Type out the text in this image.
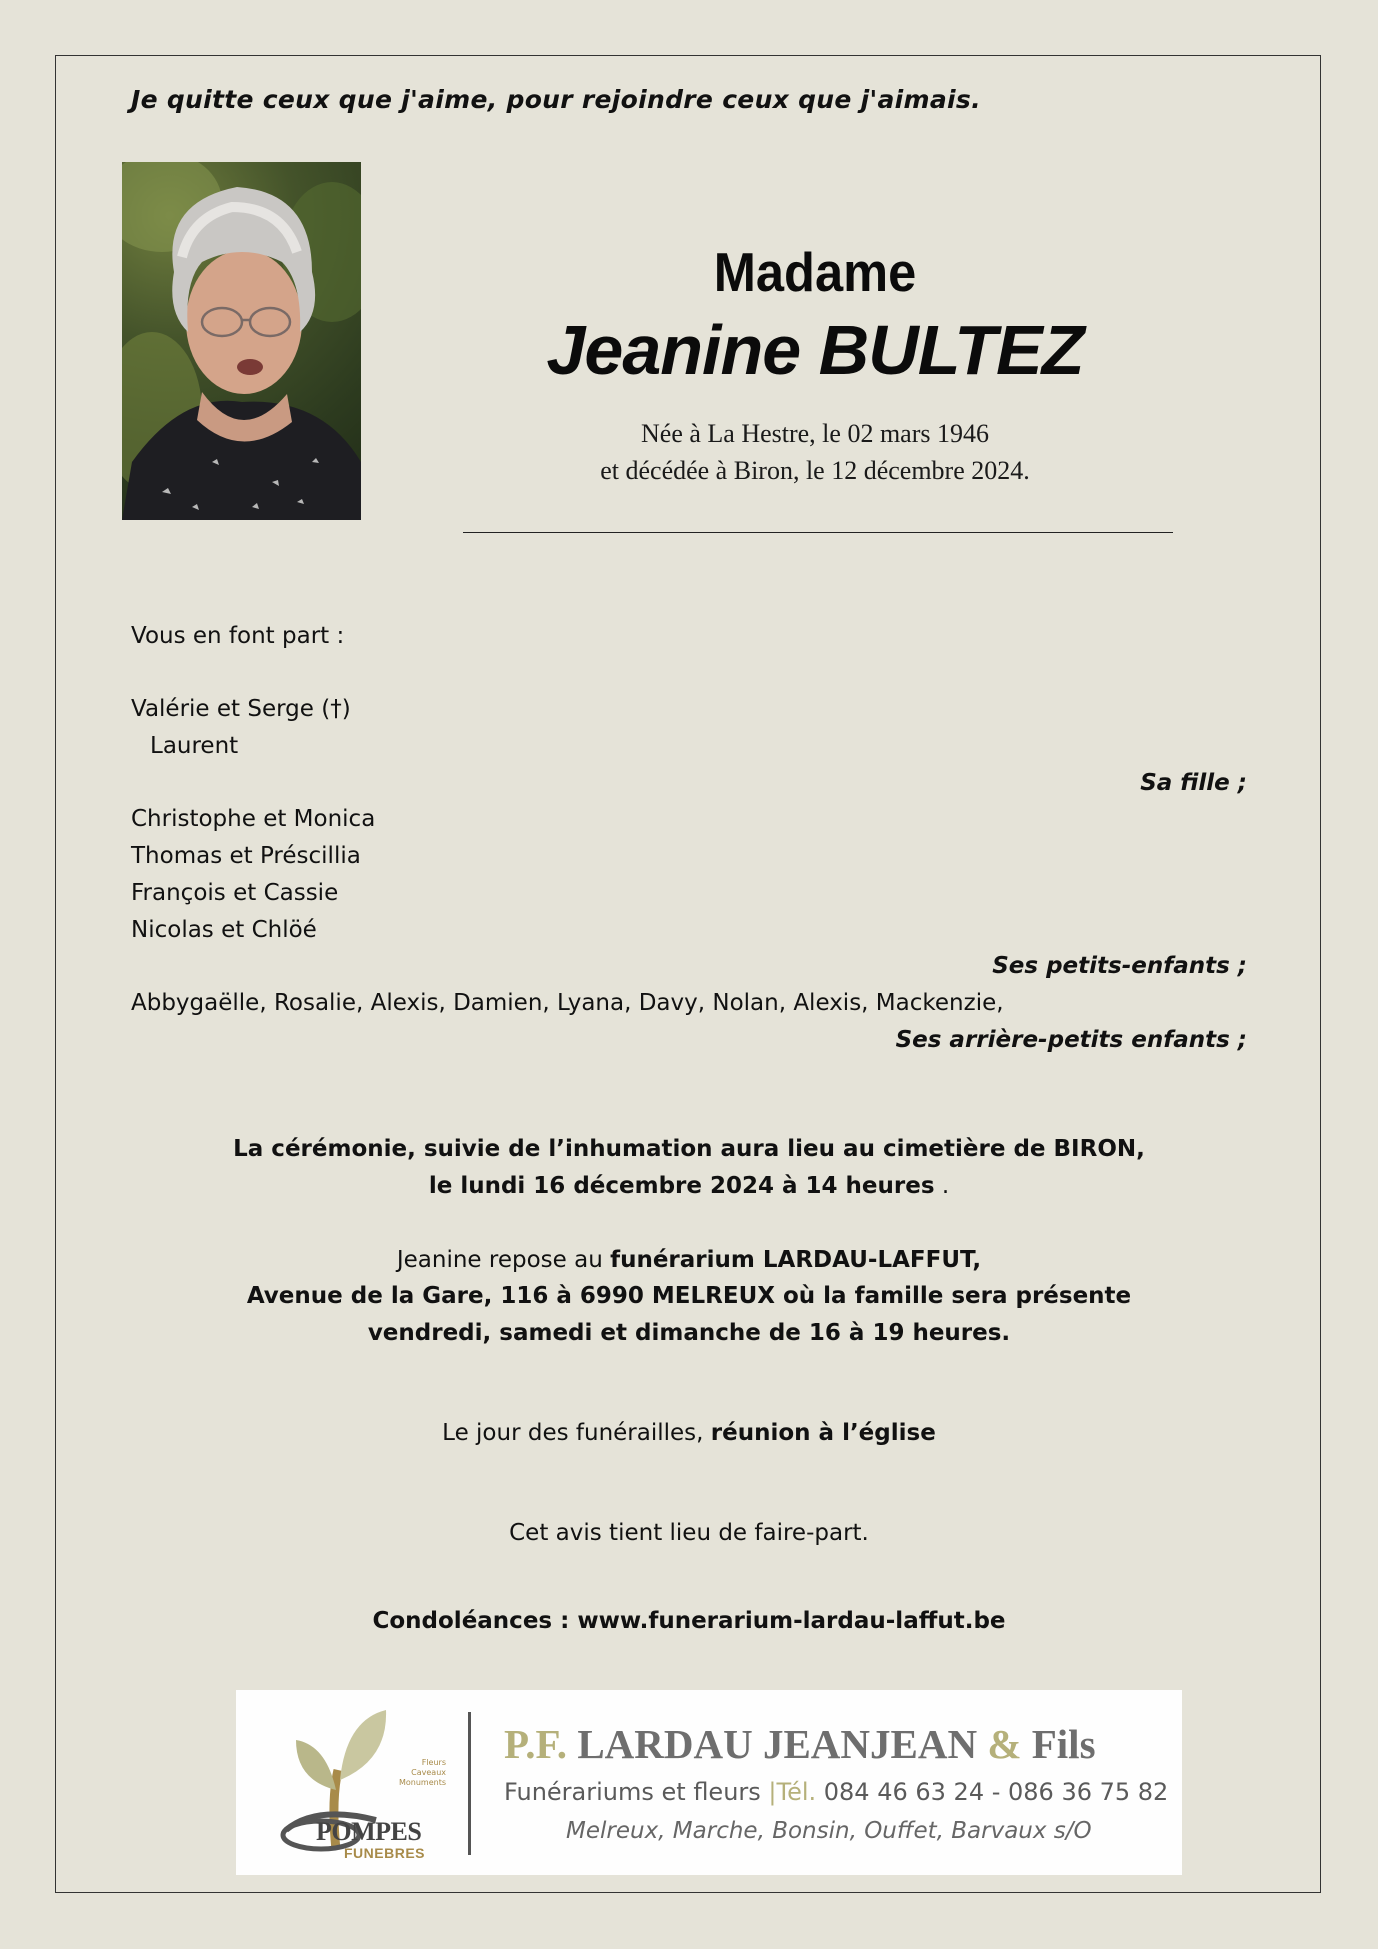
Je quitte ceux que j'aime, pour rejoindre ceux que j'aimais.
Madame
Jeanine BULTEZ
Née à La Hestre, le 02 mars 1946
et décédée à Biron, le 12 décembre 2024.
Vous en font part :
Valérie et Serge (†)
Laurent
Sa fille ;
Christophe et Monica
Thomas et Préscillia
François et Cassie
Nicolas et Chlöé
Ses petits-enfants ;
Abbygaëlle, Rosalie, Alexis, Damien, Lyana, Davy, Nolan, Alexis, Mackenzie,
Ses arrière-petits enfants ;
La cérémonie, suivie de l’inhumation aura lieu au cimetière de BIRON,
le lundi 16 décembre 2024 à 14 heures .
Jeanine repose au funérarium LARDAU-LAFFUT,
Avenue de la Gare, 116 à 6990 MELREUX où la famille sera présente
vendredi, samedi et dimanche de 16 à 19 heures.
Le jour des funérailles, réunion à l’église
Cet avis tient lieu de faire-part.
Condoléances : www.funerarium-lardau-laffut.be
Fleurs
Caveaux
Monuments
POMPES
FUNEBRES
P.F. LARDAU JEANJEAN & Fils
Funérariums et fleurs |Tél. 084 46 63 24 - 086 36 75 82
Melreux, Marche, Bonsin, Ouffet, Barvaux s/O
